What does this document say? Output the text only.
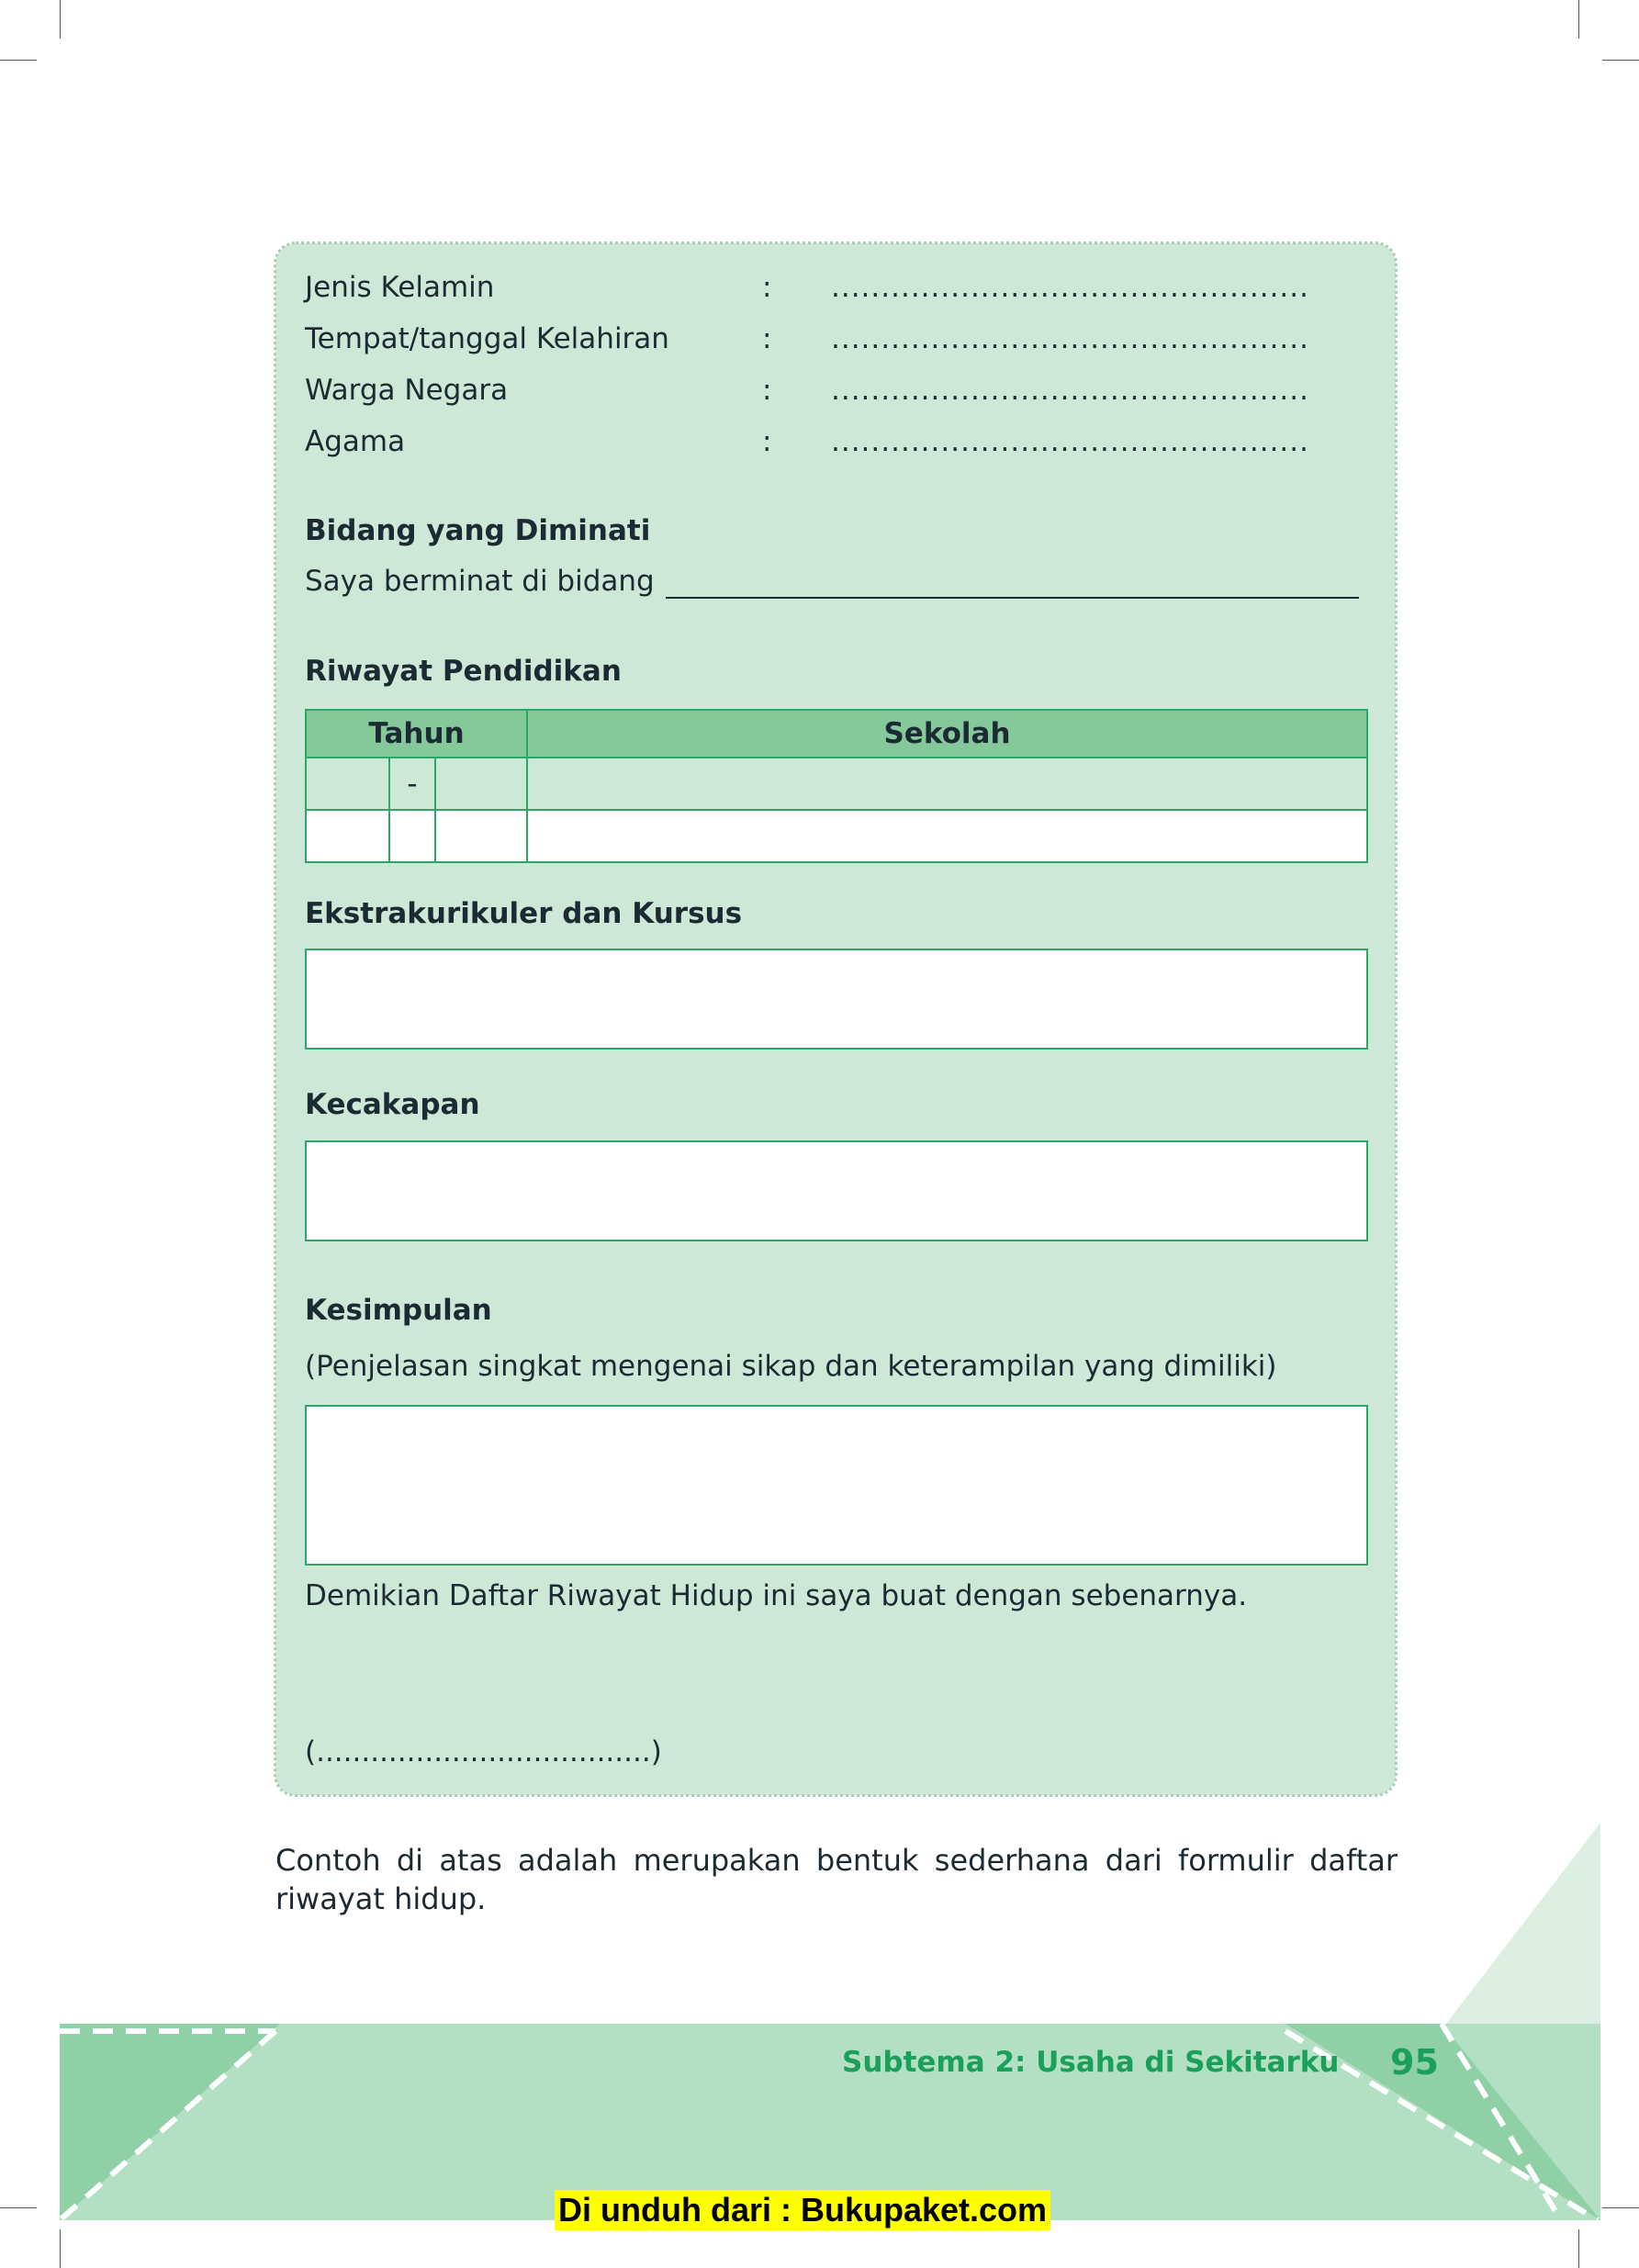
Jenis Kelamin	: ................................................
Tempat/tanggal Kelahiran	: ................................................
Warga Negara	: ................................................
Agama	: ................................................
Bidang yang Diminati
Saya berminat di bidang
Riwayat Pendidikan
Tahun			Sekolah
	-		

Ekstrakurikuler dan Kursus
Kecakapan
Kesimpulan
(Penjelasan singkat mengenai sikap dan keterampilan yang dimiliki)
Demikian Daftar Riwayat Hidup ini saya buat dengan sebenarnya.
(.....................................)
Contoh di atas adalah merupakan bentuk sederhana dari formulir daftar riwayat hidup.
Subtema 2: Usaha di Sekitarku 95
Di unduh dari : Bukupaket.com
